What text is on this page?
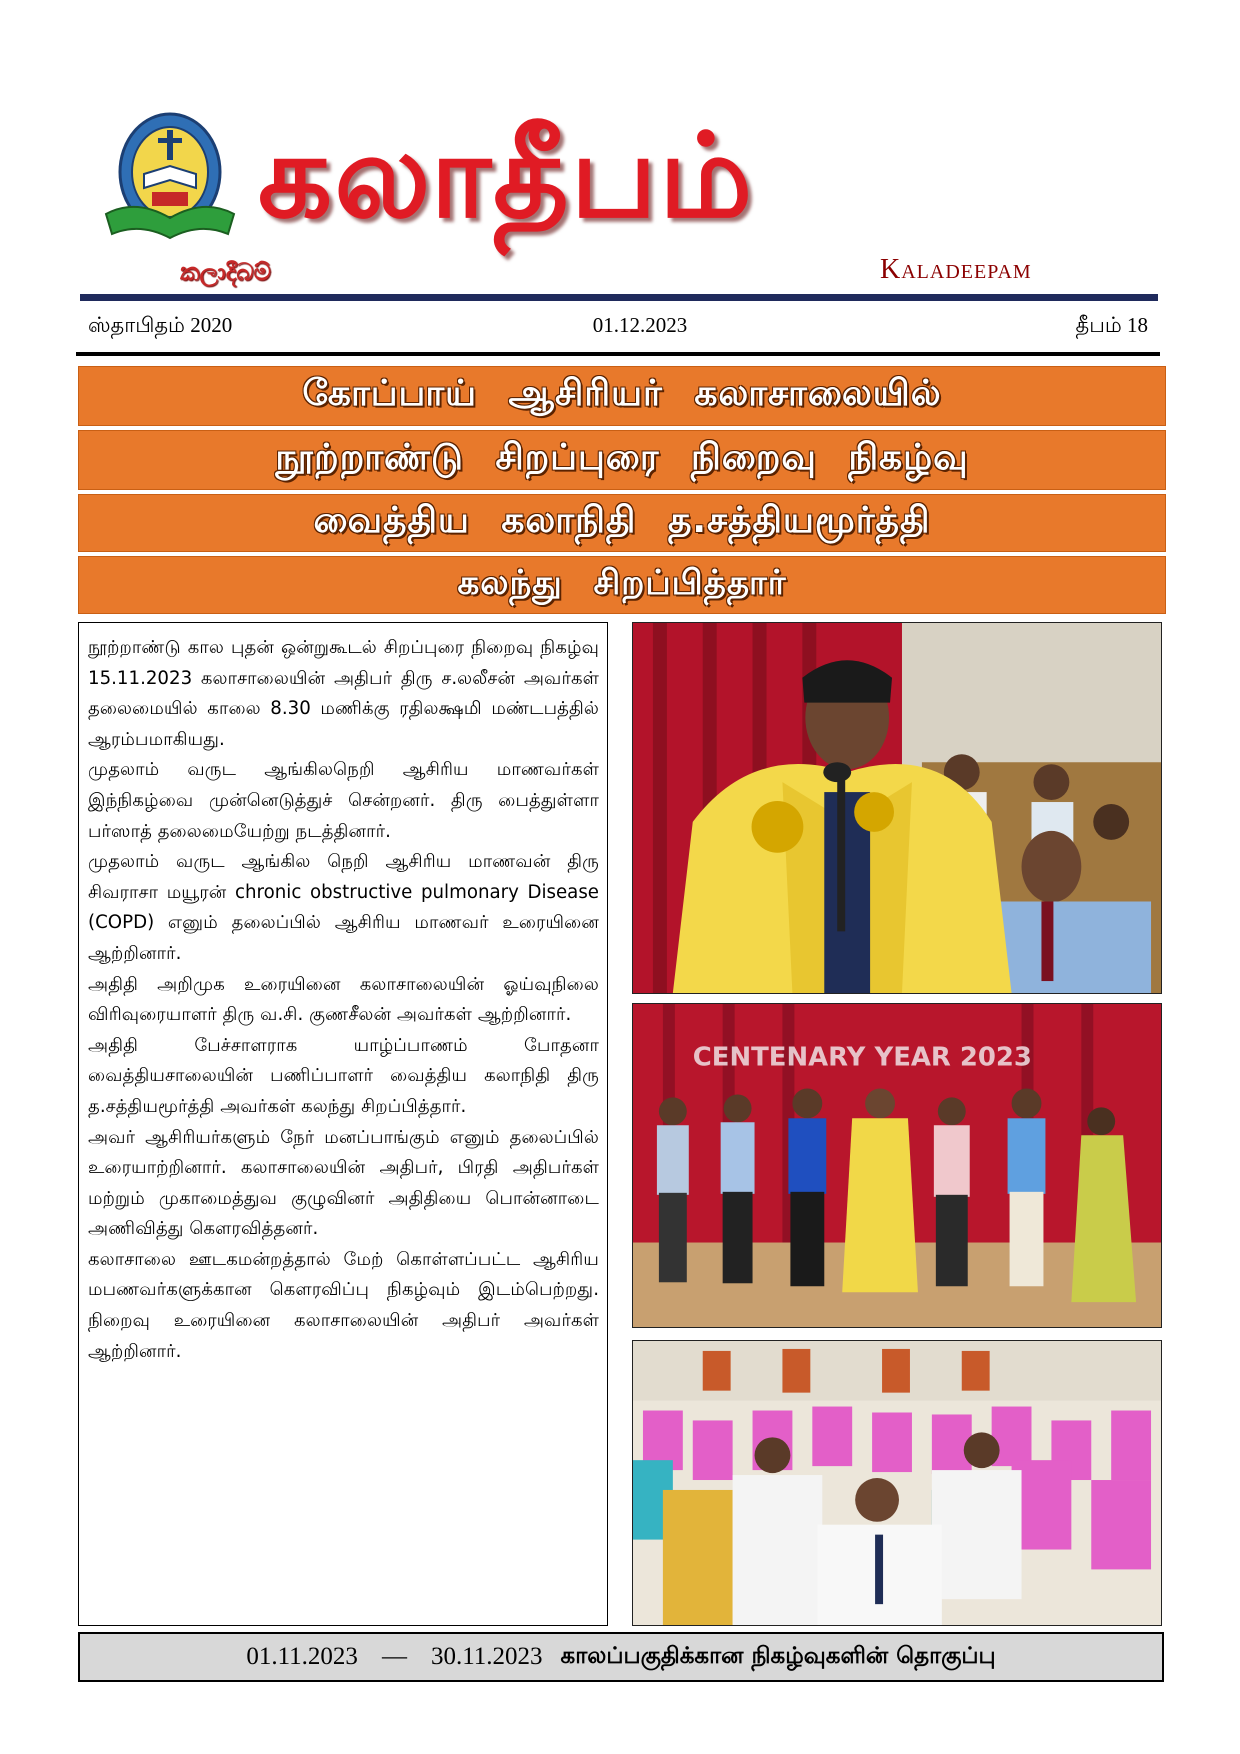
கலாதீபம்
කලාදීබම්	Kaladeepam
ஸ்தாபிதம் 2020	01.12.2023	தீபம் 18
கோப்பாய் ஆசிரியர் கலாசாலையில்
நூற்றாண்டு சிறப்புரை நிறைவு நிகழ்வு
வைத்திய கலாநிதி த.சத்தியமூர்த்தி
கலந்து சிறப்பித்தார்

நூற்றாண்டு கால புதன் ஒன்றுகூடல் சிறப்புரை நிறைவு நிகழ்வு 15.11.2023 கலாசாலையின் அதிபர் திரு ச.லலீசன் அவர்கள் தலைமையில் காலை 8.30 மணிக்கு ரதிலக்ஷமி மண்டபத்தில் ஆரம்பமாகியது.

முதலாம் வருட ஆங்கிலநெறி ஆசிரிய மாணவர்கள் இந்நிகழ்வை முன்னெடுத்துச் சென்றனர். திரு பைத்துள்ளா பர்ஸாத் தலைமையேற்று நடத்தினார்.

முதலாம் வருட ஆங்கில நெறி ஆசிரிய மாணவன் திரு சிவராசா மயூரன் chronic obstructive pulmonary Disease (COPD) எனும் தலைப்பில் ஆசிரிய மாணவர் உரையினை ஆற்றினார்.

அதிதி அறிமுக உரையினை கலாசாலையின் ஓய்வுநிலை விரிவுரையாளர் திரு வ.சி. குணசீலன் அவர்கள் ஆற்றினார்.

அதிதி பேச்சாளராக யாழ்ப்பாணம் போதனா வைத்தியசாலையின் பணிப்பாளர் வைத்திய கலாநிதி திரு த.சத்தியமூர்த்தி அவர்கள் கலந்து சிறப்பித்தார்.

அவர் ஆசிரியர்களும் நேர் மனப்பாங்கும் எனும் தலைப்பில் உரையாற்றினார். கலாசாலையின் அதிபர், பிரதி அதிபர்கள் மற்றும் முகாமைத்துவ குழுவினர் அதிதியை பொன்னாடை அணிவித்து கௌரவித்தனர்.

கலாசாலை ஊடகமன்றத்தால் மேற் கொள்ளப்பட்ட ஆசிரிய மபணவர்களுக்கான கௌரவிப்பு நிகழ்வும் இடம்பெற்றது. நிறைவு உரையினை கலாசாலையின் அதிபர் அவர்கள் ஆற்றினார்.

CENTENARY YEAR 2023
01.11.2023 — 30.11.2023 காலப்பகுதிக்கான நிகழ்வுகளின் தொகுப்பு
